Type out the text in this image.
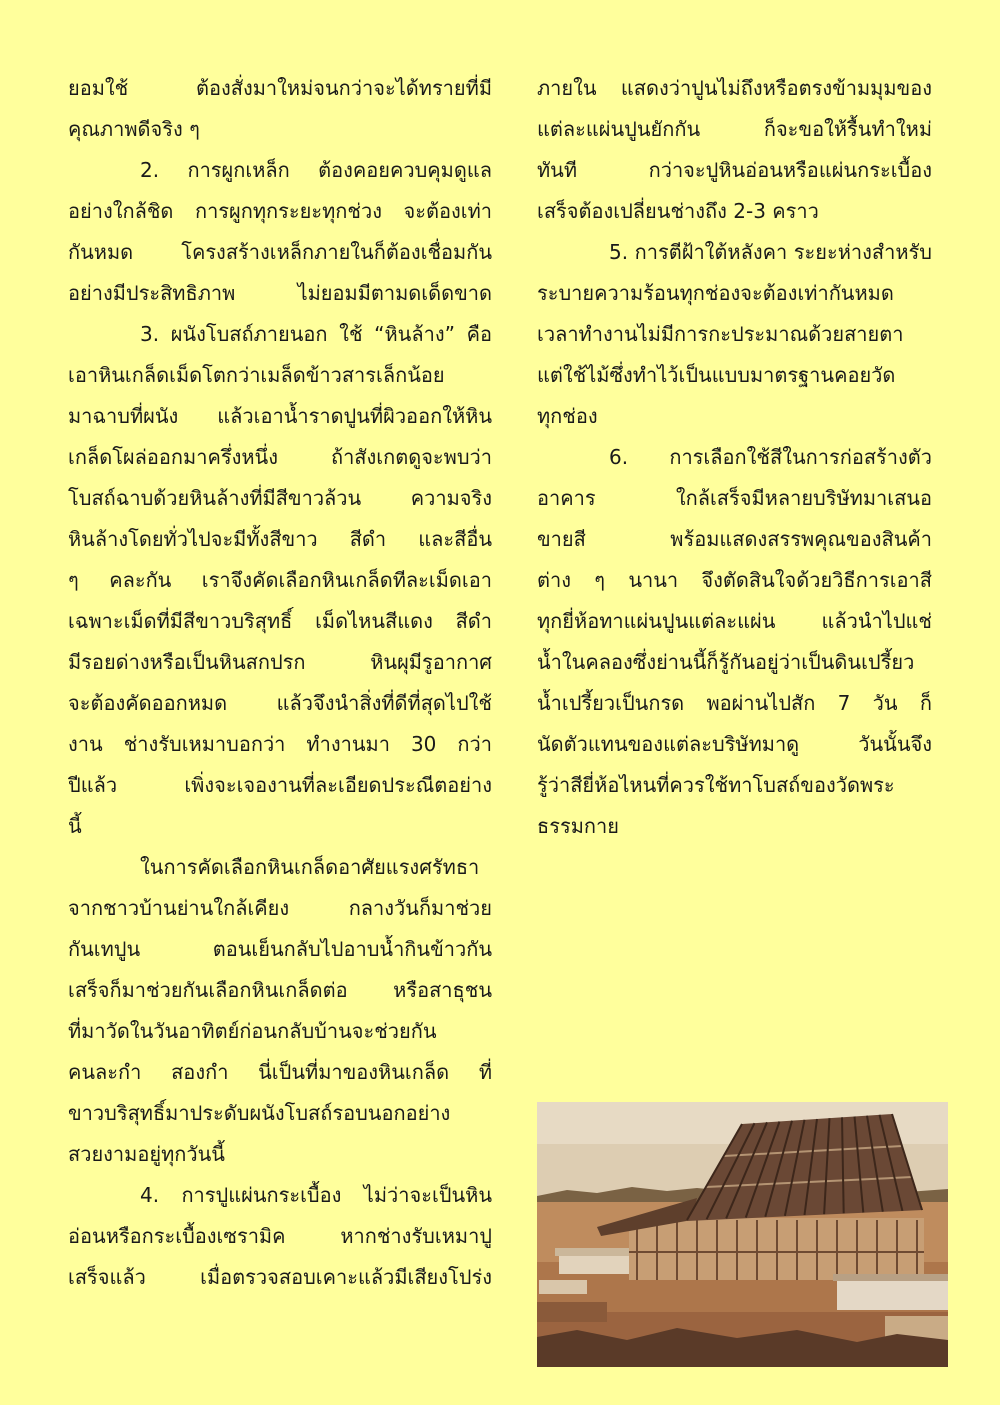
ยอมใช้ ต้องสั่งมาใหม่จนกว่าจะได้ทรายที่มี
คุณภาพดีจริง ๆ
2. การผูกเหล็ก ต้องคอยควบคุมดูแล
อย่างใกล้ชิด การผูกทุกระยะทุกช่วง จะต้องเท่า
กันหมด โครงสร้างเหล็กภายในก็ต้องเชื่อมกัน
อย่างมีประสิทธิภาพ ไม่ยอมมีตามดเด็ดขาด
3. ผนังโบสถ์ภายนอก ใช้ “หินล้าง” คือ
เอาหินเกล็ดเม็ดโตกว่าเมล็ดข้าวสารเล็กน้อย
มาฉาบที่ผนัง แล้วเอาน้ำราดปูนที่ผิวออกให้หิน
เกล็ดโผล่ออกมาครึ่งหนึ่ง ถ้าสังเกตดูจะพบว่า
โบสถ์ฉาบด้วยหินล้างที่มีสีขาวล้วน ความจริง
หินล้างโดยทั่วไปจะมีทั้งสีขาว สีดำ และสีอื่น
ๆ คละกัน เราจึงคัดเลือกหินเกล็ดทีละเม็ดเอา
เฉพาะเม็ดที่มีสีขาวบริสุทธิ์ เม็ดไหนสีแดง สีดำ
มีรอยด่างหรือเป็นหินสกปรก หินผุมีรูอากาศ
จะต้องคัดออกหมด แล้วจึงนำสิ่งที่ดีที่สุดไปใช้
งาน ช่างรับเหมาบอกว่า ทำงานมา 30 กว่า
ปีแล้ว เพิ่งจะเจองานที่ละเอียดประณีตอย่าง
นี้
ในการคัดเลือกหินเกล็ดอาศัยแรงศรัทธา
จากชาวบ้านย่านใกล้เคียง กลางวันก็มาช่วย
กันเทปูน ตอนเย็นกลับไปอาบน้ำกินข้าวกัน
เสร็จก็มาช่วยกันเลือกหินเกล็ดต่อ หรือสาธุชน
ที่มาวัดในวันอาทิตย์ก่อนกลับบ้านจะช่วยกัน
คนละกำ สองกำ นี่เป็นที่มาของหินเกล็ด ที่
ขาวบริสุทธิ์มาประดับผนังโบสถ์รอบนอกอย่าง
สวยงามอยู่ทุกวันนี้
4. การปูแผ่นกระเบื้อง ไม่ว่าจะเป็นหิน
อ่อนหรือกระเบื้องเซรามิค หากช่างรับเหมาปู
เสร็จแล้ว เมื่อตรวจสอบเคาะแล้วมีเสียงโปร่ง
ภายใน แสดงว่าปูนไม่ถึงหรือตรงข้ามมุมของ
แต่ละแผ่นปูนยักกัน ก็จะขอให้รื้นทำใหม่
ทันที กว่าจะปูหินอ่อนหรือแผ่นกระเบื้อง
เสร็จต้องเปลี่ยนช่างถึง 2-3 คราว
5. การตีฝ้าใต้หลังคา ระยะห่างสำหรับ
ระบายความร้อนทุกช่องจะต้องเท่ากันหมด
เวลาทำงานไม่มีการกะประมาณด้วยสายตา
แต่ใช้ไม้ซึ่งทำไว้เป็นแบบมาตรฐานคอยวัด
ทุกช่อง
6. การเลือกใช้สีในการก่อสร้างตัว
อาคาร ใกล้เสร็จมีหลายบริษัทมาเสนอ
ขายสี พร้อมแสดงสรรพคุณของสินค้า
ต่าง ๆ นานา จึงตัดสินใจด้วยวิธีการเอาสี
ทุกยี่ห้อทาแผ่นปูนแต่ละแผ่น แล้วนำไปแช่
น้ำในคลองซึ่งย่านนี้ก็รู้กันอยู่ว่าเป็นดินเปรี้ยว
น้ำเปรี้ยวเป็นกรด พอผ่านไปสัก 7 วัน ก็
นัดตัวแทนของแต่ละบริษัทมาดู วันนั้นจึง
รู้ว่าสียี่ห้อไหนที่ควรใช้ทาโบสถ์ของวัดพระ
ธรรมกาย
